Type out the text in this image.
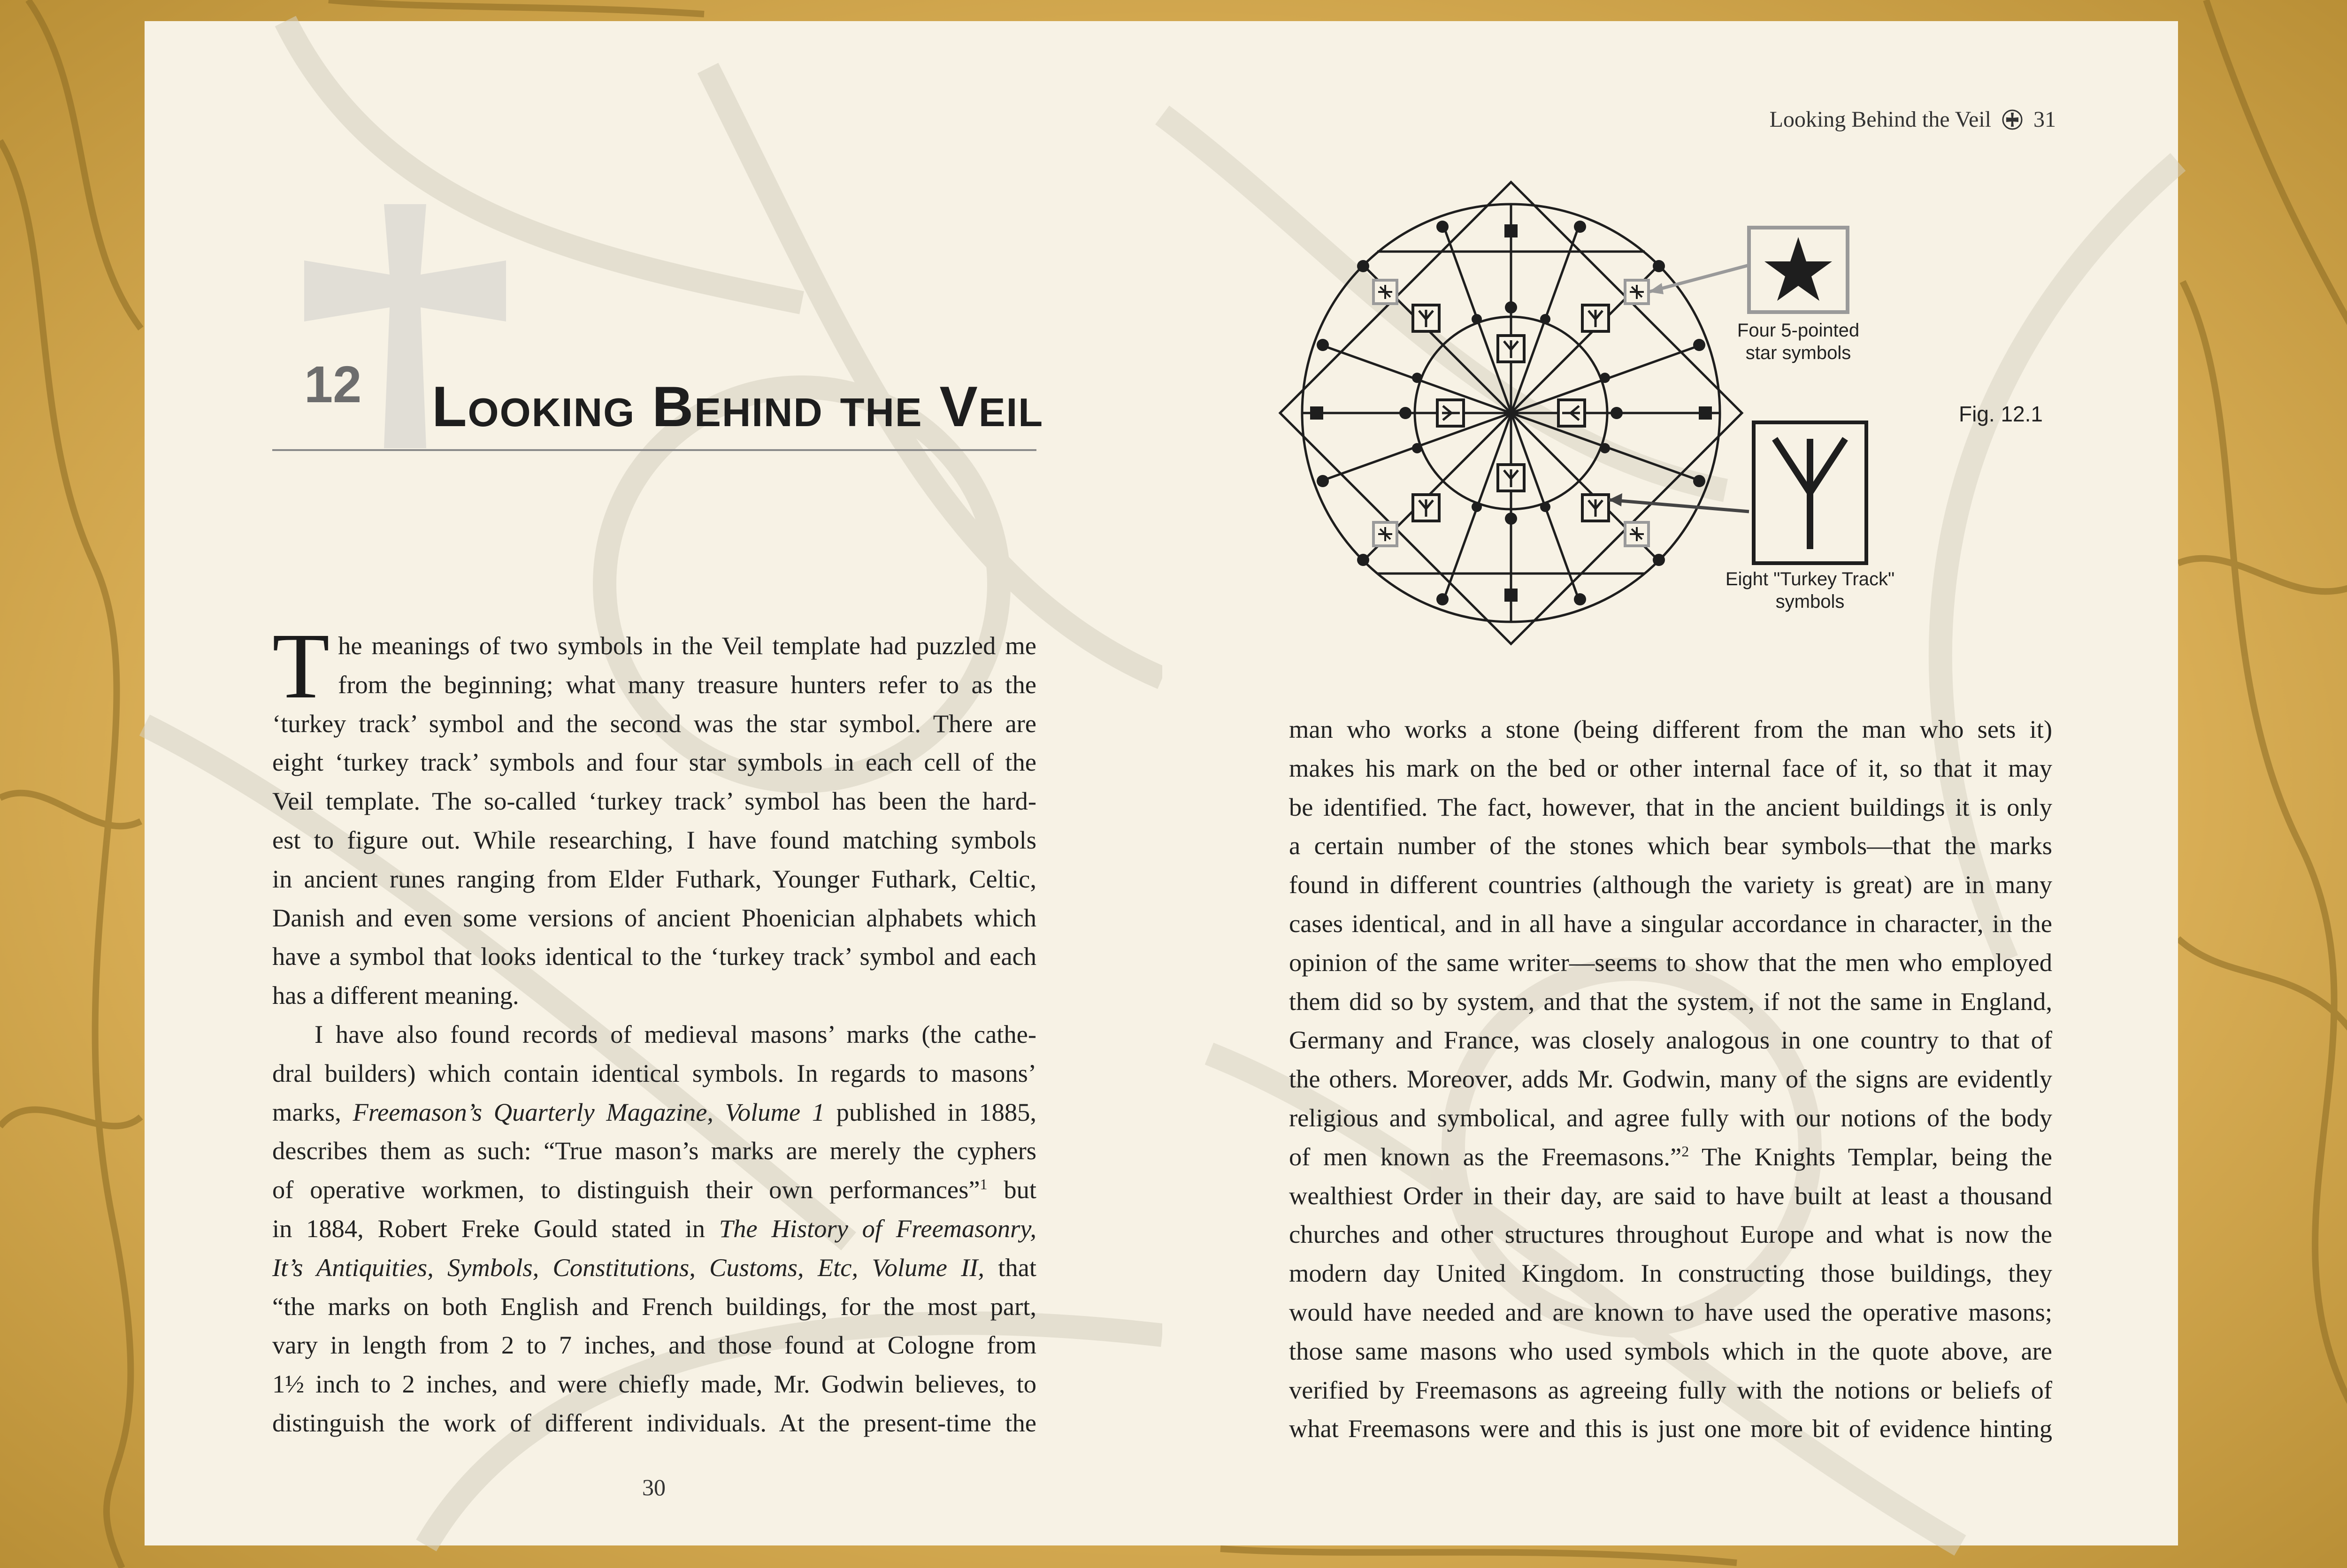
12 Looking Behind the Veil
T he meanings of two symbols in the Veil template had puzzled me
from the beginning; what many treasure hunters refer to as the
‘turkey track’ symbol and the second was the star symbol. There are
eight ‘turkey track’ symbols and four star symbols in each cell of the
Veil template. The so-called ‘turkey track’ symbol has been the hard-
est to figure out. While researching, I have found matching symbols
in ancient runes ranging from Elder Futhark, Younger Futhark, Celtic,
Danish and even some versions of ancient Phoenician alphabets which
have a symbol that looks identical to the ‘turkey track’ symbol and each
has a different meaning.
I have also found records of medieval masons’ marks (the cathe-
dral builders) which contain identical symbols. In regards to masons’
marks, Freemason’s Quarterly Magazine, Volume 1 published in 1885,
describes them as such: “True mason’s marks are merely the cyphers
of operative workmen, to distinguish their own performances”$^1$ but
in 1884, Robert Freke Gould stated in The History of Freemasonry,
It’s Antiquities, Symbols, Constitutions, Customs, Etc, Volume II, that
“the marks on both English and French buildings, for the most part,
vary in length from 2 to 7 inches, and those found at Cologne from
1½ inch to 2 inches, and were chiefly made, Mr. Godwin believes, to
distinguish the work of different individuals. At the present-time the

30

Looking Behind the Veil 31

Four 5-pointed
star symbols
Eight "Turkey Track"
symbols

Fig. 12.1

man who works a stone (being different from the man who sets it)
makes his mark on the bed or other internal face of it, so that it may
be identified. The fact, however, that in the ancient buildings it is only
a certain number of the stones which bear symbols—that the marks
found in different countries (although the variety is great) are in many
cases identical, and in all have a singular accordance in character, in the
opinion of the same writer—seems to show that the men who employed
them did so by system, and that the system, if not the same in England,
Germany and France, was closely analogous in one country to that of
the others. Moreover, adds Mr. Godwin, many of the signs are evidently
religious and symbolical, and agree fully with our notions of the body
of men known as the Freemasons.”$^2$ The Knights Templar, being the
wealthiest Order in their day, are said to have built at least a thousand
churches and other structures throughout Europe and what is now the
modern day United Kingdom. In constructing those buildings, they
would have needed and are known to have used the operative masons;
those same masons who used symbols which in the quote above, are
verified by Freemasons as agreeing fully with the notions or beliefs of
what Freemasons were and this is just one more bit of evidence hinting
